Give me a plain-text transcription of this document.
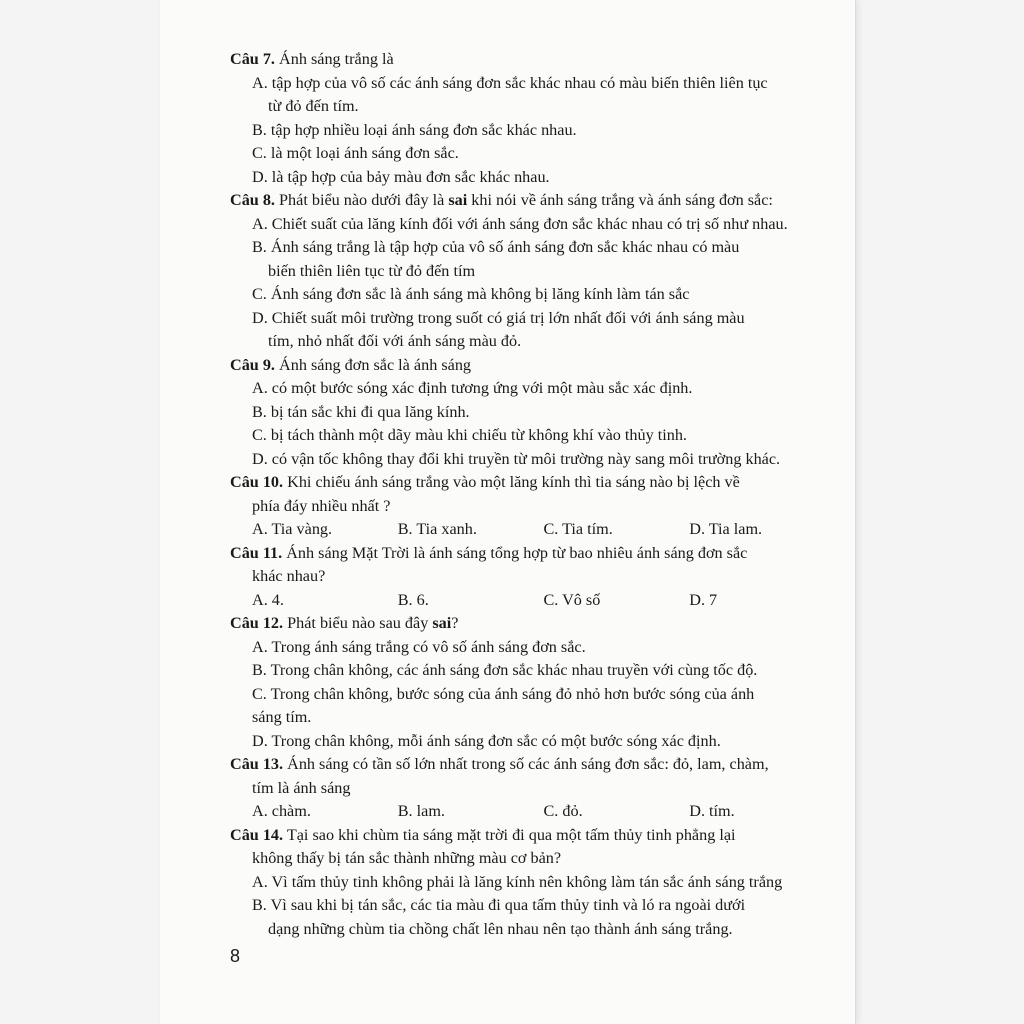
Câu 7. Ánh sáng trắng là
A. tập hợp của vô số các ánh sáng đơn sắc khác nhau có màu biến thiên liên tục
từ đỏ đến tím.
B. tập hợp nhiều loại ánh sáng đơn sắc khác nhau.
C. là một loại ánh sáng đơn sắc.
D. là tập hợp của bảy màu đơn sắc khác nhau.
Câu 8. Phát biểu nào dưới đây là sai khi nói về ánh sáng trắng và ánh sáng đơn sắc:
A. Chiết suất của lăng kính đối với ánh sáng đơn sắc khác nhau có trị số như nhau.
B. Ánh sáng trắng là tập hợp của vô số ánh sáng đơn sắc khác nhau có màu
biến thiên liên tục từ đỏ đến tím
C. Ánh sáng đơn sắc là ánh sáng mà không bị lăng kính làm tán sắc
D. Chiết suất môi trường trong suốt có giá trị lớn nhất đối với ánh sáng màu
tím, nhỏ nhất đối với ánh sáng màu đỏ.
Câu 9. Ánh sáng đơn sắc là ánh sáng
A. có một bước sóng xác định tương ứng với một màu sắc xác định.
B. bị tán sắc khi đi qua lăng kính.
C. bị tách thành một dãy màu khi chiếu từ không khí vào thủy tinh.
D. có vận tốc không thay đổi khi truyền từ môi trường này sang môi trường khác.
Câu 10. Khi chiếu ánh sáng trắng vào một lăng kính thì tia sáng nào bị lệch về
phía đáy nhiều nhất ?
A. Tia vàng.	B. Tia xanh.	C. Tia tím.	D. Tia lam.
Câu 11. Ánh sáng Mặt Trời là ánh sáng tổng hợp từ bao nhiêu ánh sáng đơn sắc
khác nhau?
A. 4.	B. 6.	C. Vô số	D. 7
Câu 12. Phát biểu nào sau đây sai?
A. Trong ánh sáng trắng có vô số ánh sáng đơn sắc.
B. Trong chân không, các ánh sáng đơn sắc khác nhau truyền với cùng tốc độ.
C. Trong chân không, bước sóng của ánh sáng đỏ nhỏ hơn bước sóng của ánh
sáng tím.
D. Trong chân không, mỗi ánh sáng đơn sắc có một bước sóng xác định.
Câu 13. Ánh sáng có tần số lớn nhất trong số các ánh sáng đơn sắc: đỏ, lam, chàm,
tím là ánh sáng
A. chàm.	B. lam.	C. đỏ.	D. tím.
Câu 14. Tại sao khi chùm tia sáng mặt trời đi qua một tấm thủy tinh phẳng lại
không thấy bị tán sắc thành những màu cơ bản?
A. Vì tấm thủy tinh không phải là lăng kính nên không làm tán sắc ánh sáng trắng
B. Vì sau khi bị tán sắc, các tia màu đi qua tấm thủy tinh và ló ra ngoài dưới
dạng những chùm tia chồng chất lên nhau nên tạo thành ánh sáng trắng.
8
